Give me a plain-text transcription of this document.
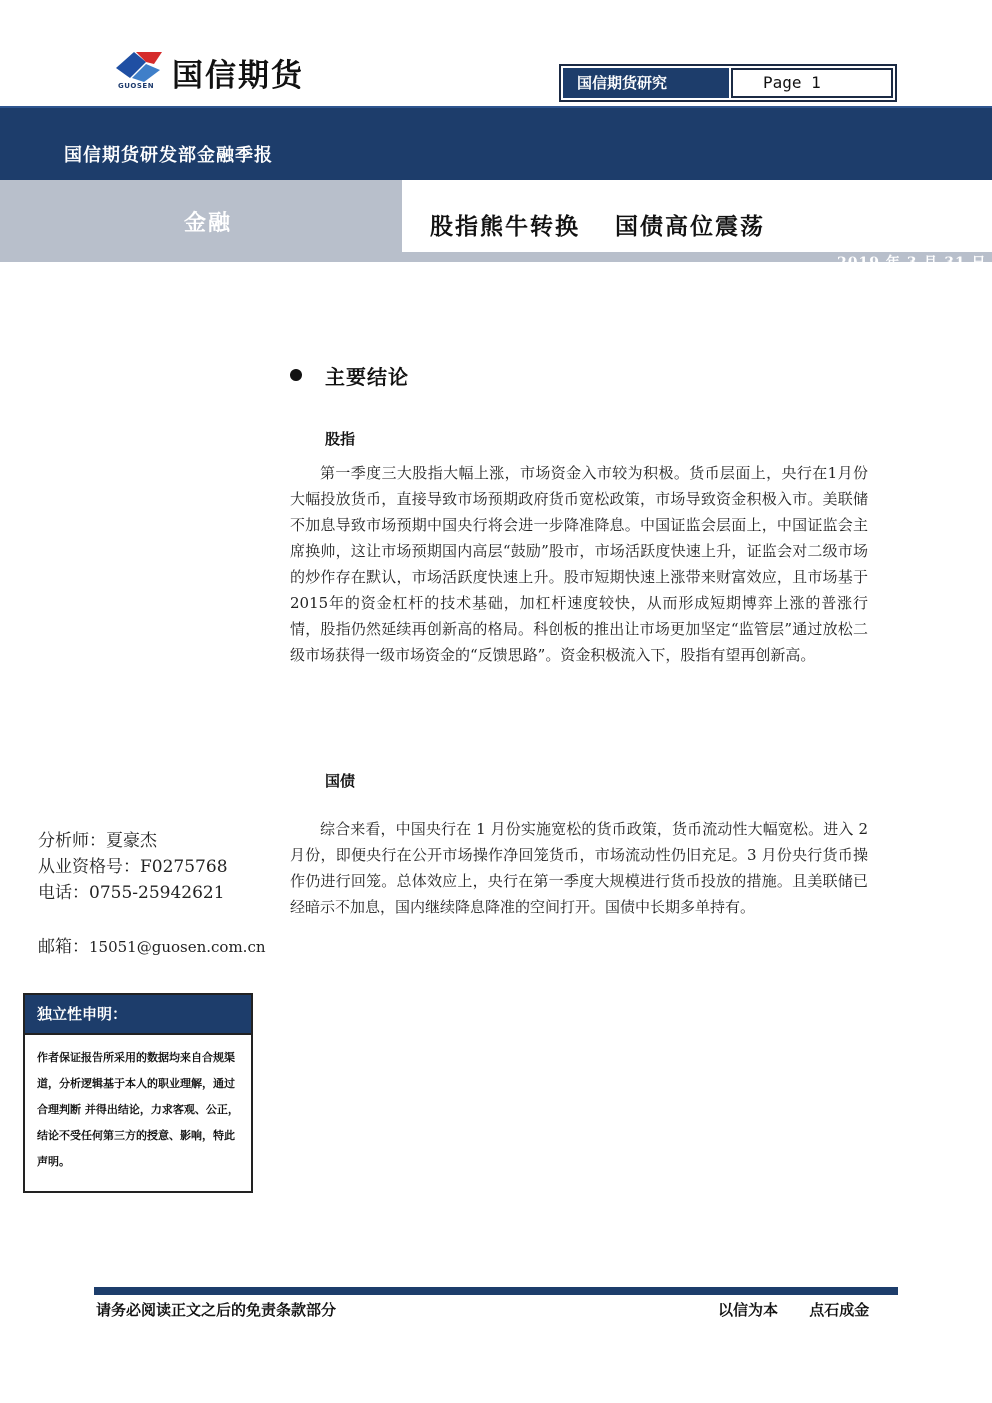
GUOSEN 国信期货	国信期货研究	Page 1
国信期货研发部金融季报
金融	股指熊牛转换　 国债高位震荡
2019 年 3 月 31 日
主要结论
股指
第一季度三大股指大幅上涨，市场资金入市较为积极。货币层面上，央行在1月份大幅投放货币，直接导致市场预期政府货币宽松政策，市场导致资金积极入市。美联储不加息导致市场预期中国央行将会进一步降准降息。中国证监会层面上，中国证监会主席换帅，这让市场预期国内高层“鼓励”股市，市场活跃度快速上升，证监会对二级市场的炒作存在默认，市场活跃度快速上升。股市短期快速上涨带来财富效应，且市场基于2015年的资金杠杆的技术基础，加杠杆速度较快，从而形成短期博弈上涨的普涨行情，股指仍然延续再创新高的格局。科创板的推出让市场更加坚定“监管层”通过放松二级市场获得一级市场资金的“反馈思路”。资金积极流入下，股指有望再创新高。
国债
综合来看，中国央行在 1 月份实施宽松的货币政策，货币流动性大幅宽松。进入 2 月份，即便央行在公开市场操作净回笼货币，市场流动性仍旧充足。3 月份央行货币操作仍进行回笼。总体效应上，央行在第一季度大规模进行货币投放的措施。且美联储已经暗示不加息，国内继续降息降准的空间打开。国债中长期多单持有。
分析师：夏豪杰
从业资格号：F0275768
电话：0755-25942621
邮箱：15051@guosen.com.cn
独立性申明：
作者保证报告所采用的数据均来自合规渠道，分析逻辑基于本人的职业理解，通过合理判断 并得出结论，力求客观、公正，结论不受任何第三方的授意、影响，特此声明。
请务必阅读正文之后的免责条款部分	以信为本 点石成金
